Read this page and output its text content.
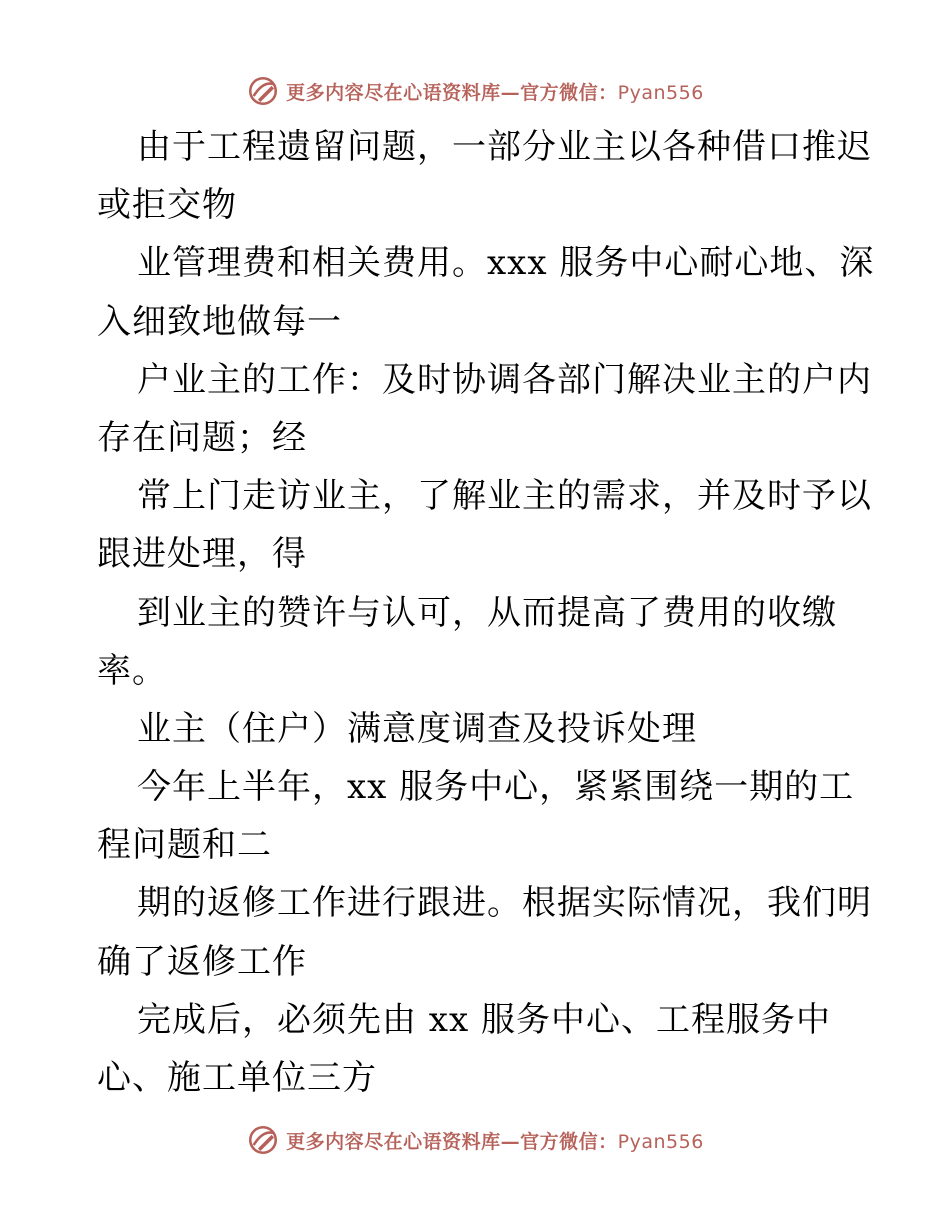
更多内容尽在心语资料库—官方微信：Pyan556
由于工程遗留问题，一部分业主以各种借口推迟
或拒交物
业管理费和相关费用。xxx 服务中心耐心地、深
入细致地做每一
户业主的工作：及时协调各部门解决业主的户内
存在问题；经
常上门走访业主，了解业主的需求，并及时予以
跟进处理，得
到业主的赞许与认可，从而提高了费用的收缴
率。
业主（住户）满意度调查及投诉处理
今年上半年，xx 服务中心，紧紧围绕一期的工
程问题和二
期的返修工作进行跟进。根据实际情况，我们明
确了返修工作
完成后，必须先由 xx 服务中心、工程服务中
心、施工单位三方
更多内容尽在心语资料库—官方微信：Pyan556
